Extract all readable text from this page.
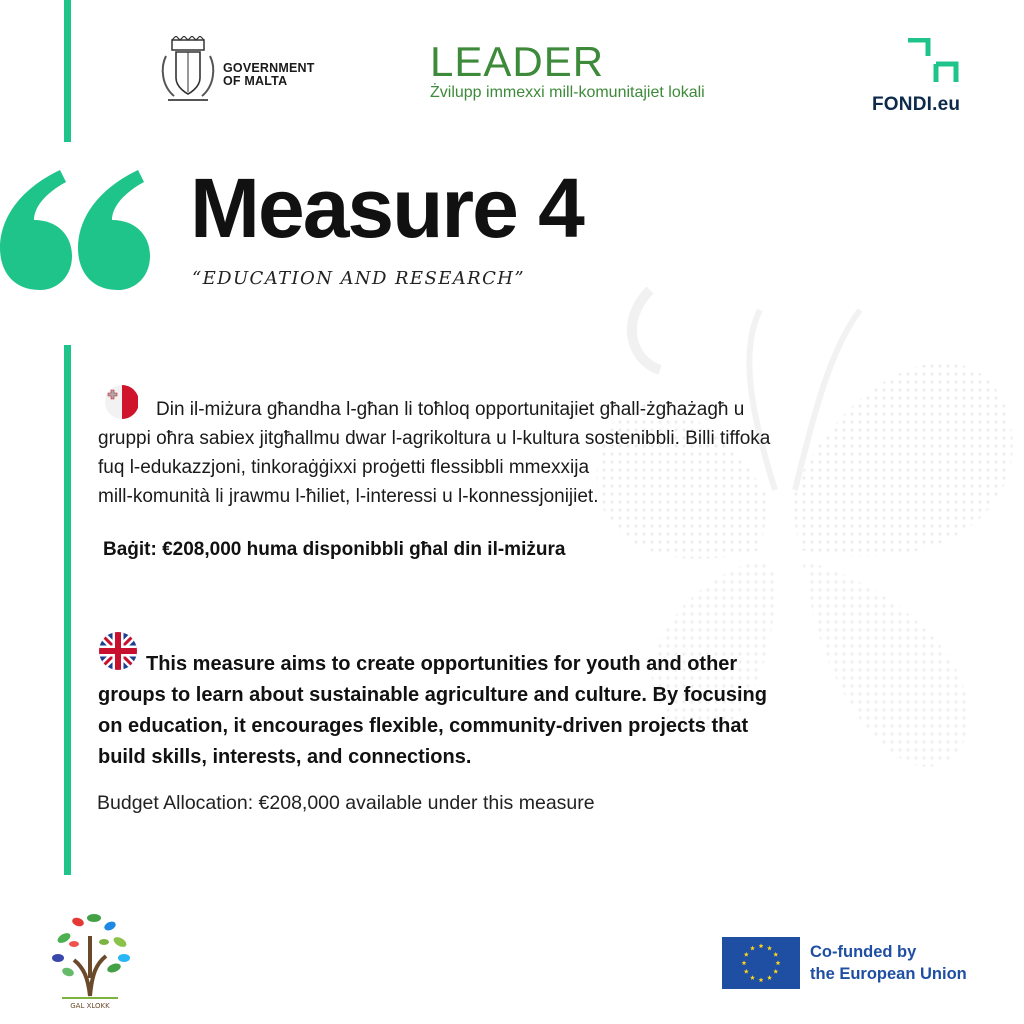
GOVERNMENT
OF MALTA	LEADER
Żvilupp immexxi mill-komunitajiet lokali
FONDI.eu
Measure 4
“EDUCATION AND RESEARCH”
Din il-miżura għandha l-għan li toħloq opportunitajiet għall-żgħażagħ u
gruppi oħra sabiex jitgħallmu dwar l-agrikoltura u l-kultura sostenibbli. Billi tiffoka
fuq l-edukazzjoni, tinkoraġġixxi proġetti flessibbli mmexxija
mill-komunità li jrawmu l-ħiliet, l-interessi u l-konnessjonijiet.
Baġit: €208,000 huma disponibbli għal din il-miżura
This measure aims to create opportunities for youth and other
groups to learn about sustainable agriculture and culture. By focusing
on education, it encourages flexible, community-driven projects that
build skills, interests, and connections.
Budget Allocation: €208,000 available under this measure
GAL XLOKK
Co-funded by
the European Union
